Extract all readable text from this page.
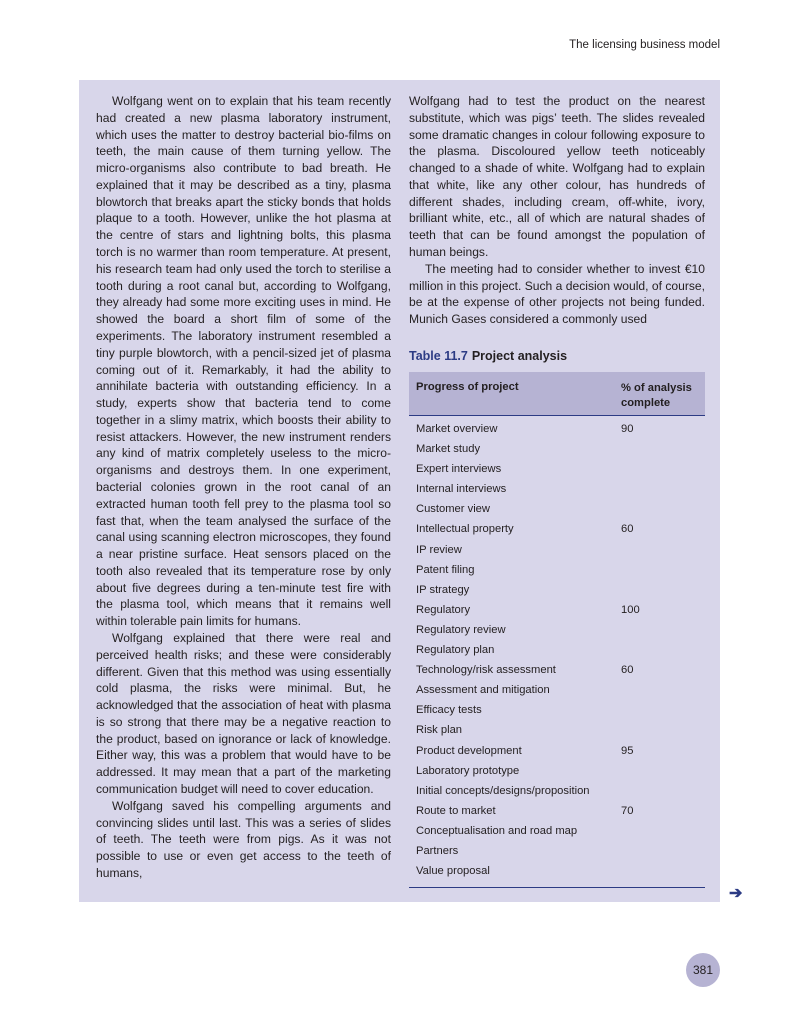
The licensing business model

Wolfgang went on to explain that his team recently had created a new plasma laboratory instrument, which uses the matter to destroy bacterial bio-films on teeth, the main cause of them turning yellow. The micro-organisms also contribute to bad breath. He explained that it may be described as a tiny, plasma blowtorch that breaks apart the sticky bonds that holds plaque to a tooth. However, unlike the hot plasma at the centre of stars and lightning bolts, this plasma torch is no warmer than room temperature. At present, his research team had only used the torch to sterilise a tooth during a root canal but, according to Wolfgang, they already had some more exciting uses in mind. He showed the board a short film of some of the experiments. The laboratory instrument resembled a tiny purple blowtorch, with a pencil-sized jet of plasma coming out of it. Remarkably, it had the ability to annihilate bacteria with outstanding efficiency. In a study, experts show that bacteria tend to come together in a slimy matrix, which boosts their ability to resist attackers. However, the new instrument renders any kind of matrix completely useless to the micro-organisms and destroys them. In one experiment, bacterial colonies grown in the root canal of an extracted human tooth fell prey to the plasma tool so fast that, when the team analysed the surface of the canal using scanning electron microscopes, they found a near pristine surface. Heat sensors placed on the tooth also revealed that its temperature rose by only about five degrees during a ten-minute test fire with the plasma tool, which means that it remains well within tolerable pain limits for humans.

Wolfgang explained that there were real and perceived health risks; and these were considerably different. Given that this method was using essentially cold plasma, the risks were minimal. But, he acknowledged that the association of heat with plasma is so strong that there may be a negative reaction to the product, based on ignorance or lack of knowledge. Either way, this was a problem that would have to be addressed. It may mean that a part of the marketing communication budget will need to cover education.

Wolfgang saved his compelling arguments and convincing slides until last. This was a series of slides of teeth. The teeth were from pigs. As it was not possible to use or even get access to the teeth of humans,

Wolfgang had to test the product on the nearest substitute, which was pigs’ teeth. The slides revealed some dramatic changes in colour following exposure to the plasma. Discoloured yellow teeth noticeably changed to a shade of white. Wolfgang had to explain that white, like any other colour, has hundreds of different shades, including cream, off-white, ivory, brilliant white, etc., all of which are natural shades of teeth that can be found amongst the population of human beings.

The meeting had to consider whether to invest €10 million in this project. Such a decision would, of course, be at the expense of other projects not being funded. Munich Gases considered a commonly used

Table 11.7 Project analysis
Progress of project	% of analysis complete
Market overview	90
Market study
Expert interviews
Internal interviews
Customer view
Intellectual property	60
IP review
Patent filing
IP strategy
Regulatory	100
Regulatory review
Regulatory plan
Technology/risk assessment	60
Assessment and mitigation
Efficacy tests
Risk plan
Product development	95
Laboratory prototype
Initial concepts/designs/proposition
Route to market	70
Conceptualisation and road map
Partners
Value proposal
➔
381
